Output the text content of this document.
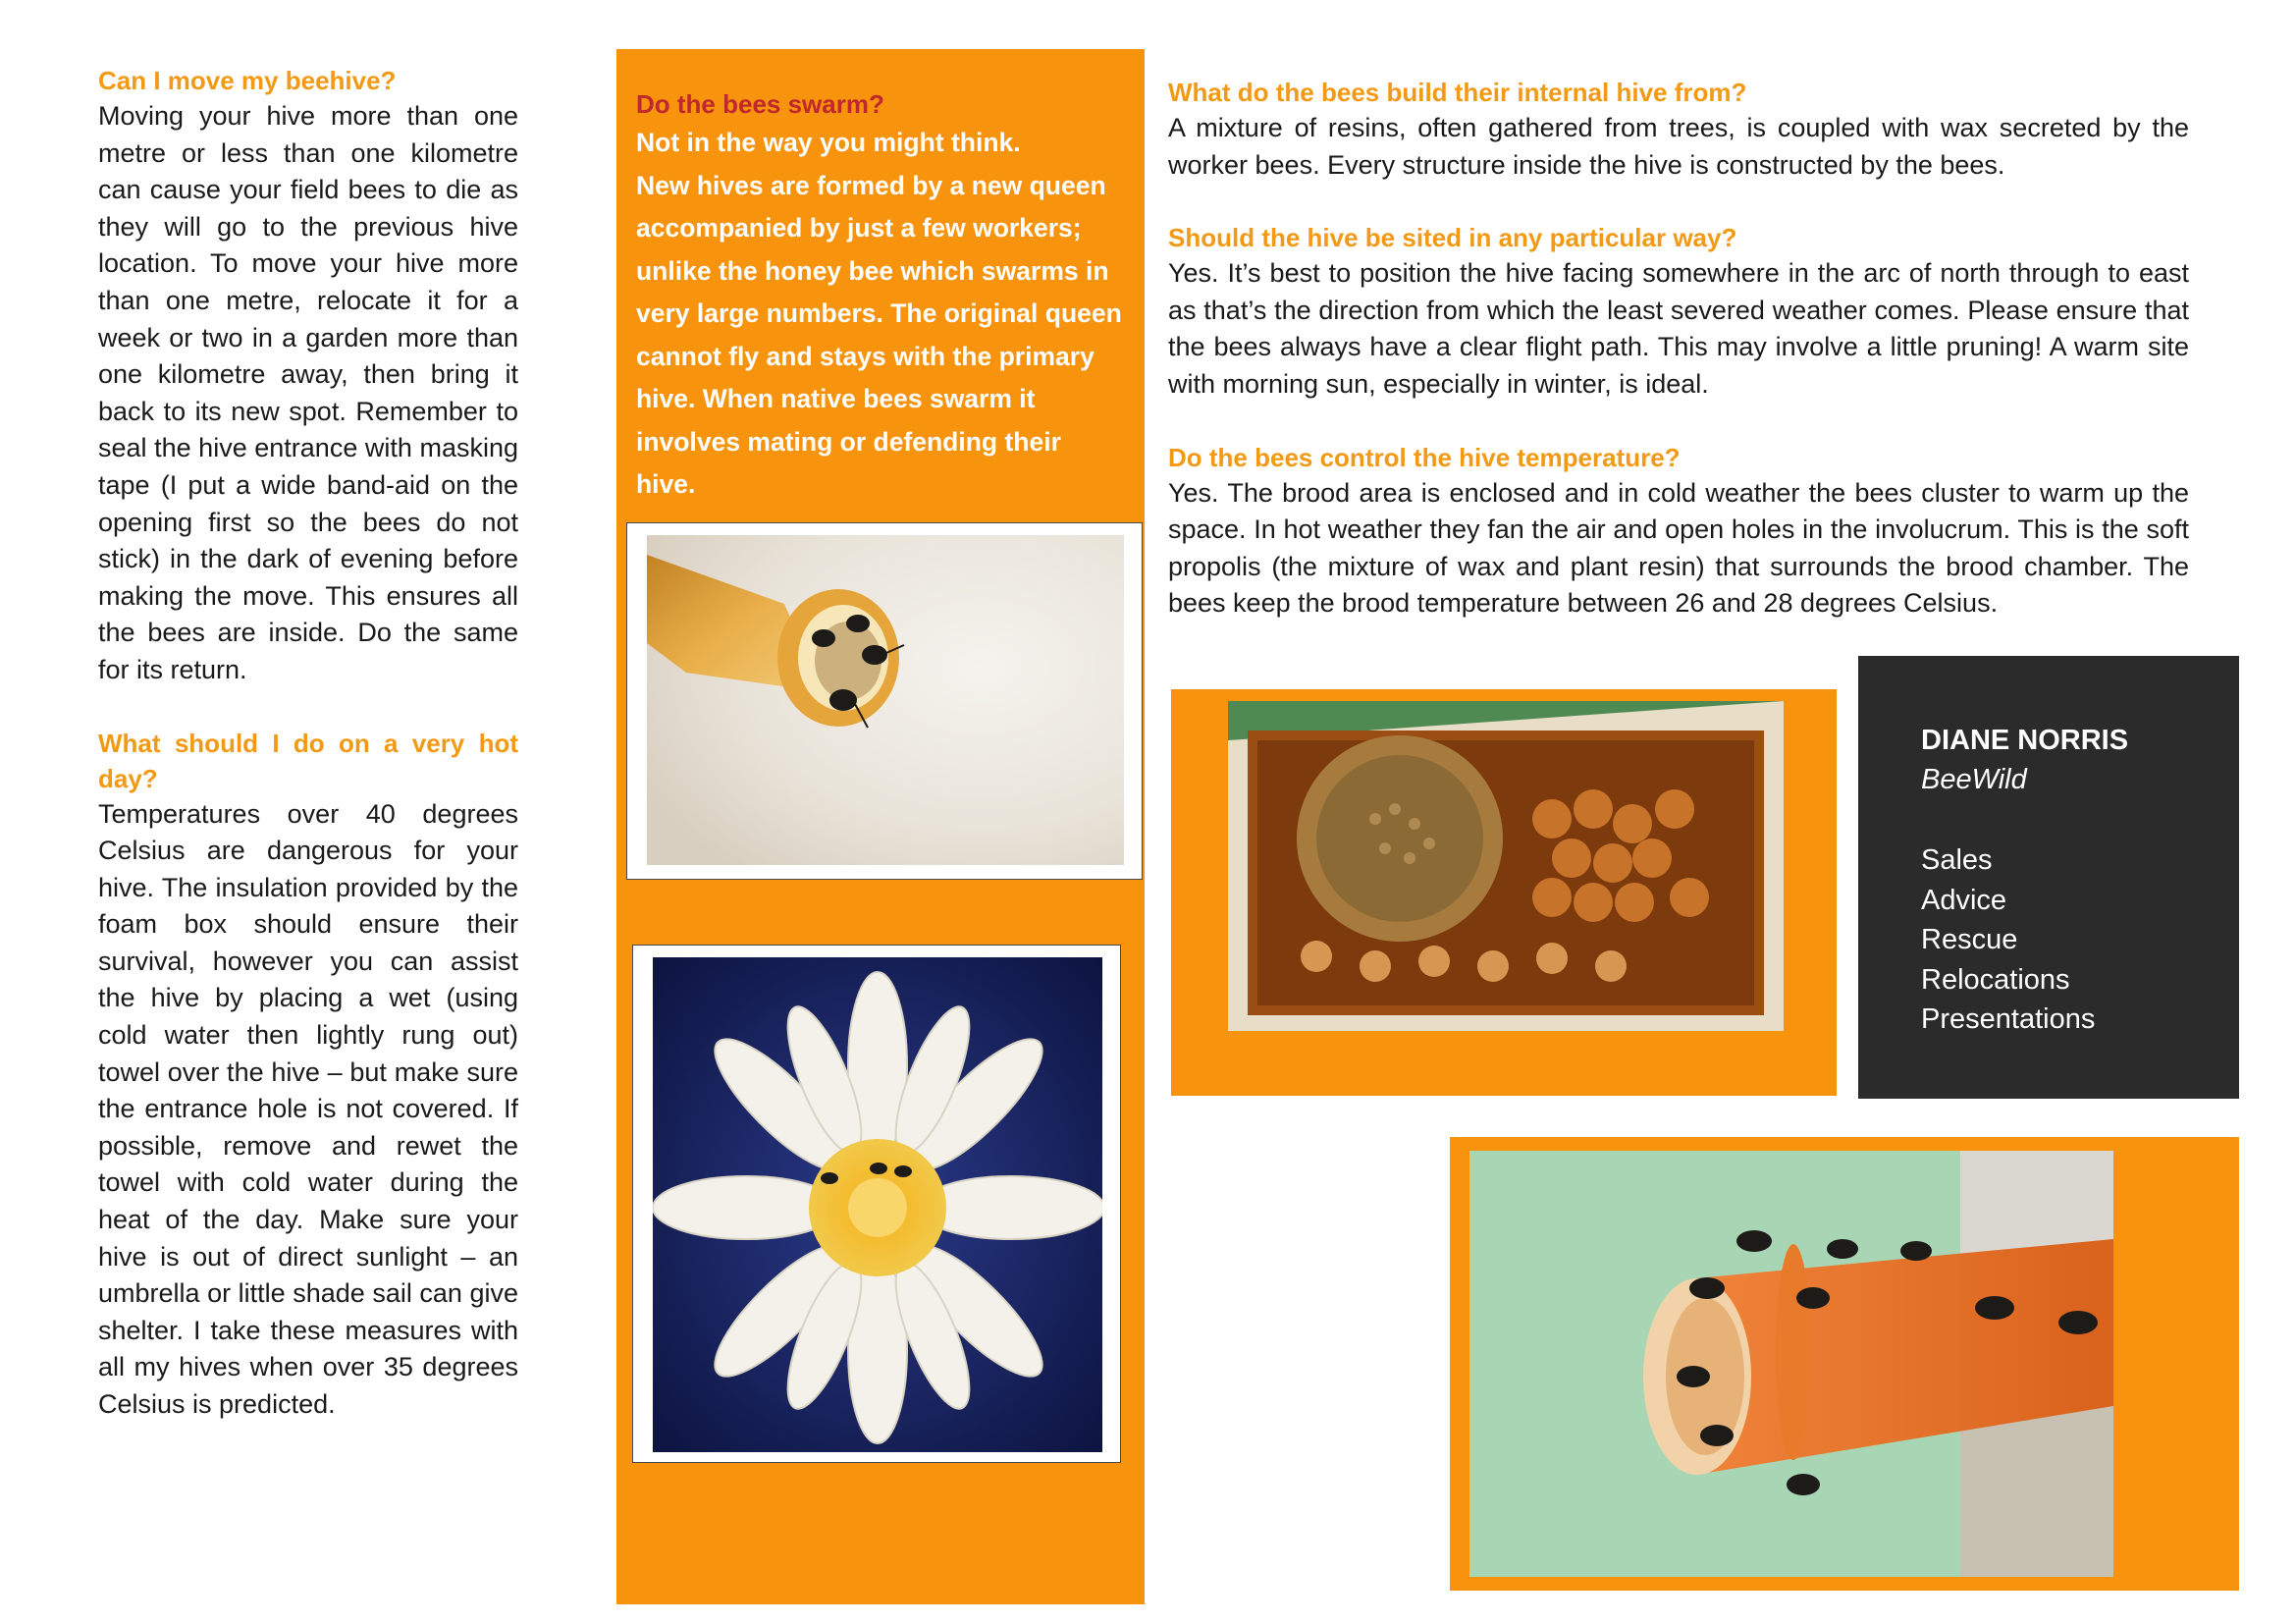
Can I move my beehive?
Moving your hive more than one metre or less than one kilometre can cause your field bees to die as they will go to the previous hive location. To move your hive more than one metre, relocate it for a week or two in a garden more than one kilometre away, then bring it back to its new spot. Remember to seal the hive entrance with masking tape (I put a wide band-aid on the opening first so the bees do not stick) in the dark of evening before making the move. This ensures all the bees are inside. Do the same for its return.
What should I do on a very hot day?
Temperatures over 40 degrees Celsius are dangerous for your hive. The insulation provided by the foam box should ensure their survival, however you can assist the hive by placing a wet (using cold water then lightly rung out) towel over the hive – but make sure the entrance hole is not covered. If possible, remove and rewet the towel with cold water during the heat of the day. Make sure your hive is out of direct sunlight – an umbrella or little shade sail can give shelter. I take these measures with all my hives when over 35 degrees Celsius is predicted.
Do the bees swarm?

Not in the way you might think.

New hives are formed by a new queen accompanied by just a few workers; unlike the honey bee which swarms in very large numbers. The original queen cannot fly and stays with the primary hive. When native bees swarm it involves mating or defending their hive.

What do the bees build their internal hive from?
A mixture of resins, often gathered from trees, is coupled with wax secreted by the worker bees. Every structure inside the hive is constructed by the bees.
Should the hive be sited in any particular way?
Yes. It’s best to position the hive facing somewhere in the arc of north through to east as that’s the direction from which the least severed weather comes. Please ensure that the bees always have a clear flight path. This may involve a little pruning! A warm site with morning sun, especially in winter, is ideal.
Do the bees control the hive temperature?
Yes. The brood area is enclosed and in cold weather the bees cluster to warm up the space. In hot weather they fan the air and open holes in the involucrum. This is the soft propolis (the mixture of wax and plant resin) that surrounds the brood chamber. The bees keep the brood temperature between 26 and 28 degrees Celsius.
DIANE NORRIS
BeeWild
Sales
Advice
Rescue
Relocations
Presentations
